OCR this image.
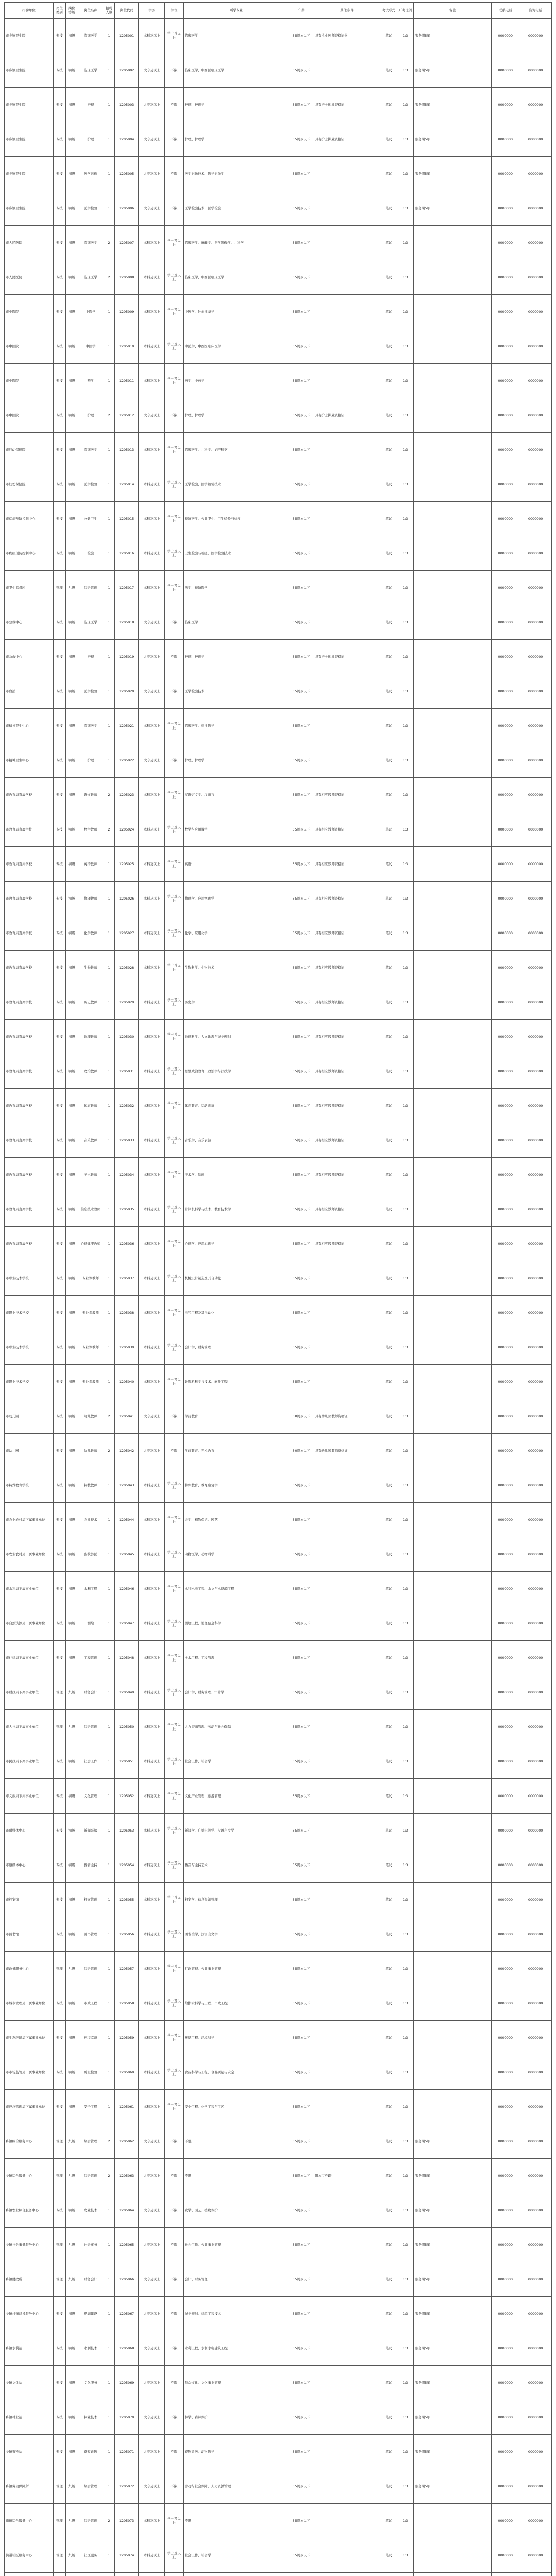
招聘单位	岗位类别	岗位等级	岗位名称	招聘人数	岗位代码	学历	学位	所学专业	年龄	其他条件	考试形式	开考比例	备注	联系电话	咨询电话
市乡镇卫生院	专技	初级	临床医学	1	1205001	本科及以上	学士及以上	临床医学	35周岁以下	具有执业医师资格证书	笔试	1:3	服务期5年	0000000	0000000
市乡镇卫生院	专技	初级	临床医学	1	1205002	大专及以上	不限	临床医学、中西医临床医学	35周岁以下		笔试	1:3	服务期5年	0000000	0000000
市乡镇卫生院	专技	初级	护理	1	1205003	大专及以上	不限	护理、护理学	35周岁以下	具有护士执业资格证	笔试	1:3	服务期5年	0000000	0000000
市乡镇卫生院	专技	初级	护理	1	1205004	大专及以上	不限	护理、护理学	35周岁以下	具有护士执业资格证	笔试	1:3	服务期5年	0000000	0000000
市乡镇卫生院	专技	初级	医学影像	1	1205005	大专及以上	不限	医学影像技术、医学影像学	35周岁以下		笔试	1:3	服务期5年	0000000	0000000
市乡镇卫生院	专技	初级	医学检验	1	1205006	大专及以上	不限	医学检验技术、医学检验	35周岁以下		笔试	1:3	服务期5年	0000000	0000000
市人民医院	专技	初级	临床医学	2	1205007	本科及以上	学士及以上	临床医学、麻醉学、医学影像学、儿科学	35周岁以下		笔试	1:3		0000000	0000000
市人民医院	专技	初级	临床医学	2	1205008	本科及以上	学士及以上	临床医学、中西医临床医学	35周岁以下		笔试	1:3		0000000	0000000
市中医院	专技	初级	中医学	1	1205009	本科及以上	学士及以上	中医学、针灸推拿学	35周岁以下		笔试	1:3		0000000	0000000
市中医院	专技	初级	中医学	1	1205010	本科及以上	学士及以上	中医学、中西医临床医学	35周岁以下		笔试	1:3		0000000	0000000
市中医院	专技	初级	药学	1	1205011	本科及以上	学士及以上	药学、中药学	35周岁以下		笔试	1:3		0000000	0000000
市中医院	专技	初级	护理	2	1205012	大专及以上	不限	护理、护理学	35周岁以下	具有护士执业资格证	笔试	1:3		0000000	0000000
市妇幼保健院	专技	初级	临床医学	1	1205013	本科及以上	学士及以上	临床医学、儿科学、妇产科学	35周岁以下		笔试	1:3		0000000	0000000
市妇幼保健院	专技	初级	医学检验	1	1205014	本科及以上	学士及以上	医学检验、医学检验技术	35周岁以下		笔试	1:3		0000000	0000000
市疾病预防控制中心	专技	初级	公共卫生	1	1205015	本科及以上	学士及以上	预防医学、公共卫生、卫生检验与检疫	35周岁以下		笔试	1:3		0000000	0000000
市疾病预防控制中心	专技	初级	检验	1	1205016	本科及以上	学士及以上	卫生检验与检疫、医学检验技术	35周岁以下		笔试	1:3		0000000	0000000
市卫生监督所	管理	九级	综合管理	1	1205017	本科及以上	学士及以上	法学、预防医学	35周岁以下		笔试	1:3		0000000	0000000
市急救中心	专技	初级	临床医学	1	1205018	大专及以上	不限	临床医学	35周岁以下		笔试	1:3		0000000	0000000
市急救中心	专技	初级	护理	1	1205019	大专及以上	不限	护理、护理学	35周岁以下	具有护士执业资格证	笔试	1:3		0000000	0000000
市血站	专技	初级	医学检验	1	1205020	大专及以上	不限	医学检验技术	35周岁以下		笔试	1:3		0000000	0000000
市精神卫生中心	专技	初级	临床医学	1	1205021	本科及以上	学士及以上	临床医学、精神医学	35周岁以下		笔试	1:3		0000000	0000000
市精神卫生中心	专技	初级	护理	1	1205022	大专及以上	不限	护理、护理学	35周岁以下		笔试	1:3		0000000	0000000
市教育局直属学校	专技	初级	语文教师	2	1205023	本科及以上	学士及以上	汉语言文学、汉语言	35周岁以下	具有相应教师资格证	笔试	1:3		0000000	0000000
市教育局直属学校	专技	初级	数学教师	2	1205024	本科及以上	学士及以上	数学与应用数学	35周岁以下	具有相应教师资格证	笔试	1:3		0000000	0000000
市教育局直属学校	专技	初级	英语教师	1	1205025	本科及以上	学士及以上	英语	35周岁以下	具有相应教师资格证	笔试	1:3		0000000	0000000
市教育局直属学校	专技	初级	物理教师	1	1205026	本科及以上	学士及以上	物理学、应用物理学	35周岁以下	具有相应教师资格证	笔试	1:3		0000000	0000000
市教育局直属学校	专技	初级	化学教师	1	1205027	本科及以上	学士及以上	化学、应用化学	35周岁以下	具有相应教师资格证	笔试	1:3		0000000	0000000
市教育局直属学校	专技	初级	生物教师	1	1205028	本科及以上	学士及以上	生物科学、生物技术	35周岁以下	具有相应教师资格证	笔试	1:3		0000000	0000000
市教育局直属学校	专技	初级	历史教师	1	1205029	本科及以上	学士及以上	历史学	35周岁以下	具有相应教师资格证	笔试	1:3		0000000	0000000
市教育局直属学校	专技	初级	地理教师	1	1205030	本科及以上	学士及以上	地理科学、人文地理与城乡规划	35周岁以下	具有相应教师资格证	笔试	1:3		0000000	0000000
市教育局直属学校	专技	初级	政治教师	1	1205031	本科及以上	学士及以上	思想政治教育、政治学与行政学	35周岁以下	具有相应教师资格证	笔试	1:3		0000000	0000000
市教育局直属学校	专技	初级	体育教师	1	1205032	本科及以上	学士及以上	体育教育、运动训练	35周岁以下	具有相应教师资格证	笔试	1:3		0000000	0000000
市教育局直属学校	专技	初级	音乐教师	1	1205033	本科及以上	学士及以上	音乐学、音乐表演	35周岁以下	具有相应教师资格证	笔试	1:3		0000000	0000000
市教育局直属学校	专技	初级	美术教师	1	1205034	本科及以上	学士及以上	美术学、绘画	35周岁以下	具有相应教师资格证	笔试	1:3		0000000	0000000
市教育局直属学校	专技	初级	信息技术教师	1	1205035	本科及以上	学士及以上	计算机科学与技术、教育技术学	35周岁以下	具有相应教师资格证	笔试	1:3		0000000	0000000
市教育局直属学校	专技	初级	心理健康教师	1	1205036	本科及以上	学士及以上	心理学、应用心理学	35周岁以下	具有相应教师资格证	笔试	1:3		0000000	0000000
市职业技术学校	专技	初级	专业课教师	1	1205037	本科及以上	学士及以上	机械设计制造及其自动化	35周岁以下		笔试	1:3		0000000	0000000
市职业技术学校	专技	初级	专业课教师	1	1205038	本科及以上	学士及以上	电气工程及其自动化	35周岁以下		笔试	1:3		0000000	0000000
市职业技术学校	专技	初级	专业课教师	1	1205039	本科及以上	学士及以上	会计学、财务管理	35周岁以下		笔试	1:3		0000000	0000000
市职业技术学校	专技	初级	专业课教师	1	1205040	本科及以上	学士及以上	计算机科学与技术、软件工程	35周岁以下		笔试	1:3		0000000	0000000
市幼儿园	专技	初级	幼儿教师	2	1205041	大专及以上	不限	学前教育	30周岁以下	具有幼儿园教师资格证	笔试	1:3		0000000	0000000
市幼儿园	专技	初级	幼儿教师	2	1205042	大专及以上	不限	学前教育、艺术教育	30周岁以下	具有幼儿园教师资格证	笔试	1:3		0000000	0000000
市特殊教育学校	专技	初级	特教教师	1	1205043	本科及以上	学士及以上	特殊教育、教育康复学	35周岁以下		笔试	1:3		0000000	0000000
市农业农村局下属事业单位	专技	初级	农业技术	1	1205044	本科及以上	学士及以上	农学、植物保护、园艺	35周岁以下		笔试	1:3		0000000	0000000
市农业农村局下属事业单位	专技	初级	畜牧兽医	1	1205045	本科及以上	学士及以上	动物医学、动物科学	35周岁以下		笔试	1:3		0000000	0000000
市水利局下属事业单位	专技	初级	水利工程	1	1205046	本科及以上	学士及以上	水利水电工程、水文与水资源工程	35周岁以下		笔试	1:3		0000000	0000000
市自然资源局下属事业单位	专技	初级	测绘	1	1205047	本科及以上	学士及以上	测绘工程、地理信息科学	35周岁以下		笔试	1:3		0000000	0000000
市住建局下属事业单位	专技	初级	工程管理	1	1205048	本科及以上	学士及以上	土木工程、工程管理	35周岁以下		笔试	1:3		0000000	0000000
市财政局下属事业单位	管理	九级	财务会计	1	1205049	本科及以上	学士及以上	会计学、财务管理、审计学	35周岁以下		笔试	1:3		0000000	0000000
市人社局下属事业单位	管理	九级	综合管理	1	1205050	本科及以上	学士及以上	人力资源管理、劳动与社会保障	35周岁以下		笔试	1:3		0000000	0000000
市民政局下属事业单位	专技	初级	社会工作	1	1205051	本科及以上	学士及以上	社会工作、社会学	35周岁以下		笔试	1:3		0000000	0000000
市文旅局下属事业单位	专技	初级	文化管理	1	1205052	本科及以上	学士及以上	文化产业管理、旅游管理	35周岁以下		笔试	1:3		0000000	0000000
市融媒体中心	专技	初级	新闻采编	1	1205053	本科及以上	学士及以上	新闻学、广播电视学、汉语言文学	35周岁以下		笔试	1:3		0000000	0000000
市融媒体中心	专技	初级	播音主持	1	1205054	本科及以上	学士及以上	播音与主持艺术	35周岁以下		笔试	1:3		0000000	0000000
市档案馆	专技	初级	档案管理	1	1205055	本科及以上	学士及以上	档案学、信息资源管理	35周岁以下		笔试	1:3		0000000	0000000
市图书馆	专技	初级	图书管理	1	1205056	本科及以上	学士及以上	图书馆学、汉语言文学	35周岁以下		笔试	1:3		0000000	0000000
市政务服务中心	管理	九级	综合管理	1	1205057	本科及以上	学士及以上	行政管理、公共事业管理	35周岁以下		笔试	1:3		0000000	0000000
市城市管理局下属事业单位	专技	初级	市政工程	1	1205058	本科及以上	学士及以上	给排水科学与工程、市政工程	35周岁以下		笔试	1:3		0000000	0000000
市生态环境局下属事业单位	专技	初级	环境监测	1	1205059	本科及以上	学士及以上	环境工程、环境科学	35周岁以下		笔试	1:3		0000000	0000000
市市场监管局下属事业单位	专技	初级	质量检验	1	1205060	本科及以上	学士及以上	食品科学与工程、食品质量与安全	35周岁以下		笔试	1:3		0000000	0000000
市应急管理局下属事业单位	专技	初级	安全工程	1	1205061	本科及以上	学士及以上	安全工程、化学工程与工艺	35周岁以下		笔试	1:3		0000000	0000000
乡镇综合服务中心	管理	九级	综合管理	2	1205062	大专及以上	不限	不限	35周岁以下		笔试	1:3	服务期5年	0000000	0000000
乡镇综合服务中心	管理	九级	综合管理	2	1205063	大专及以上	不限	不限	35周岁以下	限本市户籍	笔试	1:3	服务期5年	0000000	0000000
乡镇农业综合服务中心	专技	初级	农业技术	1	1205064	大专及以上	不限	农学、园艺、植物保护	35周岁以下		笔试	1:3	服务期5年	0000000	0000000
乡镇社会事务服务中心	管理	九级	社会事务	1	1205065	大专及以上	不限	社会工作、公共事业管理	35周岁以下		笔试	1:3	服务期5年	0000000	0000000
乡镇财政所	管理	九级	财务会计	1	1205066	大专及以上	不限	会计、财务管理	35周岁以下		笔试	1:3	服务期5年	0000000	0000000
乡镇村镇建设服务中心	专技	初级	规划建设	1	1205067	大专及以上	不限	城乡规划、建筑工程技术	35周岁以下		笔试	1:3	服务期5年	0000000	0000000
乡镇水利站	专技	初级	水利技术	1	1205068	大专及以上	不限	水利工程、水利水电建筑工程	35周岁以下		笔试	1:3	服务期5年	0000000	0000000
乡镇文化站	专技	初级	文化服务	1	1205069	大专及以上	不限	群众文化、文化事业管理	35周岁以下		笔试	1:3	服务期5年	0000000	0000000
乡镇林业站	专技	初级	林业技术	1	1205070	大专及以上	不限	林学、森林保护	35周岁以下		笔试	1:3	服务期5年	0000000	0000000
乡镇畜牧站	专技	初级	畜牧兽医	1	1205071	大专及以上	不限	畜牧兽医、动物医学	35周岁以下		笔试	1:3	服务期5年	0000000	0000000
乡镇劳动保障所	管理	九级	综合管理	1	1205072	大专及以上	不限	劳动与社会保障、人力资源管理	35周岁以下		笔试	1:3	服务期5年	0000000	0000000
街道综合服务中心	管理	九级	综合管理	2	1205073	本科及以上	学士及以上	不限	35周岁以下		笔试	1:3		0000000	0000000
街道社区服务中心	管理	九级	社区服务	1	1205074	本科及以上	学士及以上	社会工作、社会学	35周岁以下		笔试	1:3		0000000	0000000
